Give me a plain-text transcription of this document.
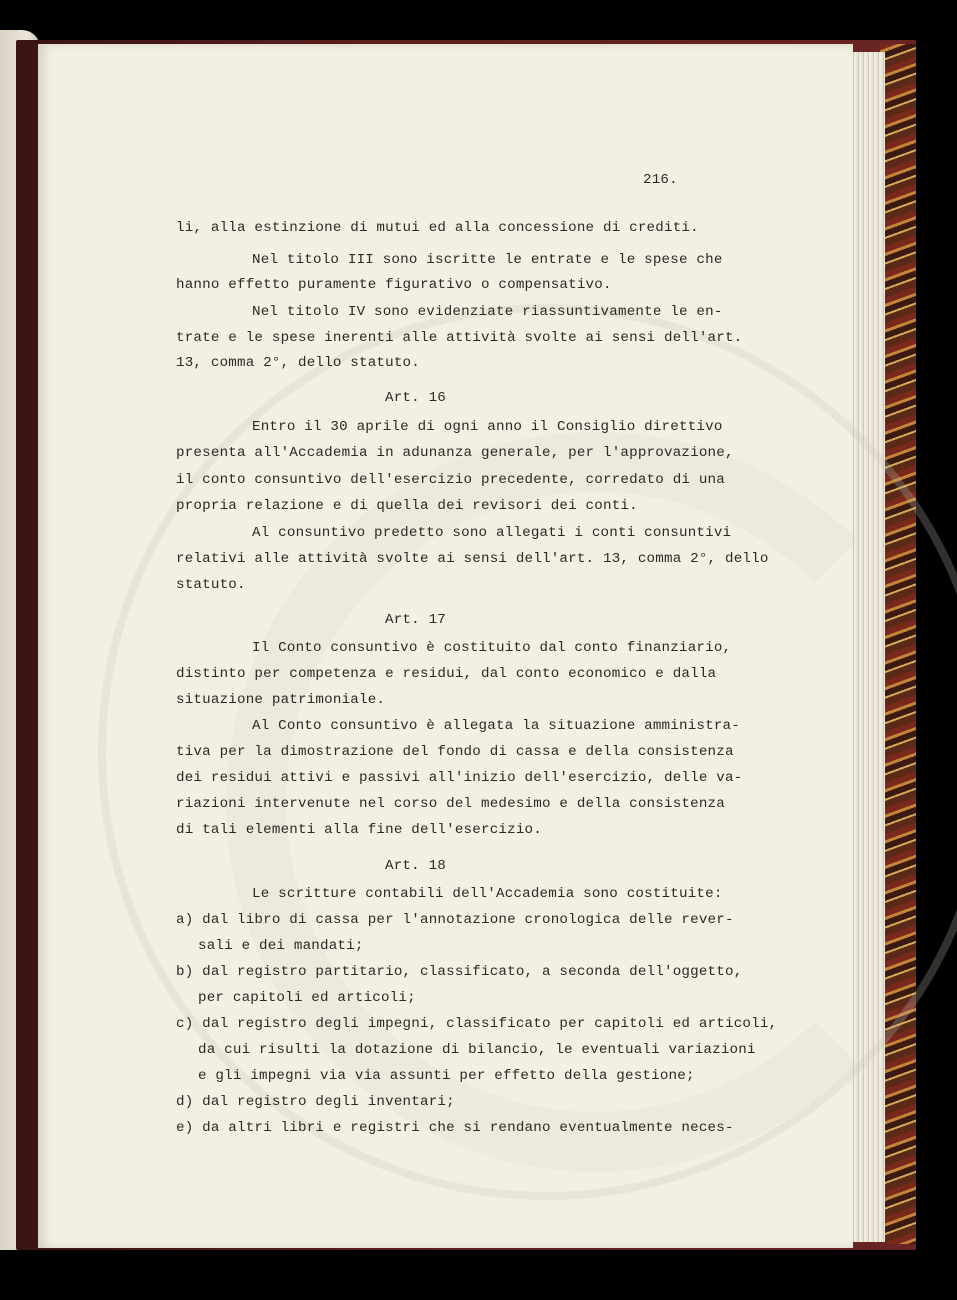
216.
li, alla estinzione di mutui ed alla concessione di crediti.
Nel titolo III sono iscritte le entrate e le spese che
hanno effetto puramente figurativo o compensativo.
Nel titolo IV sono evidenziate riassuntivamente le en-
trate e le spese inerenti alle attività svolte ai sensi dell'art.
13, comma 2°, dello statuto.
Art. 16
Entro il 30 aprile di ogni anno il Consiglio direttivo
presenta all'Accademia in adunanza generale, per l'approvazione,
il conto consuntivo dell'esercizio precedente, corredato di una
propria relazione e di quella dei revisori dei conti.
Al consuntivo predetto sono allegati i conti consuntivi
relativi alle attività svolte ai sensi dell'art. 13, comma 2°, dello
statuto.
Art. 17
Il Conto consuntivo è costituito dal conto finanziario,
distinto per competenza e residui, dal conto economico e dalla
situazione patrimoniale.
Al Conto consuntivo è allegata la situazione amministra-
tiva per la dimostrazione del fondo di cassa e della consistenza
dei residui attivi e passivi all'inizio dell'esercizio, delle va-
riazioni intervenute nel corso del medesimo e della consistenza
di tali elementi alla fine dell'esercizio.
Art. 18
Le scritture contabili dell'Accademia sono costituite:
a) dal libro di cassa per l'annotazione cronologica delle rever-
sali e dei mandati;
b) dal registro partitario, classificato, a seconda dell'oggetto,
per capitoli ed articoli;
c) dal registro degli impegni, classificato per capitoli ed articoli,
da cui risulti la dotazione di bilancio, le eventuali variazioni
e gli impegni via via assunti per effetto della gestione;
d) dal registro degli inventari;
e) da altri libri e registri che si rendano eventualmente neces-
